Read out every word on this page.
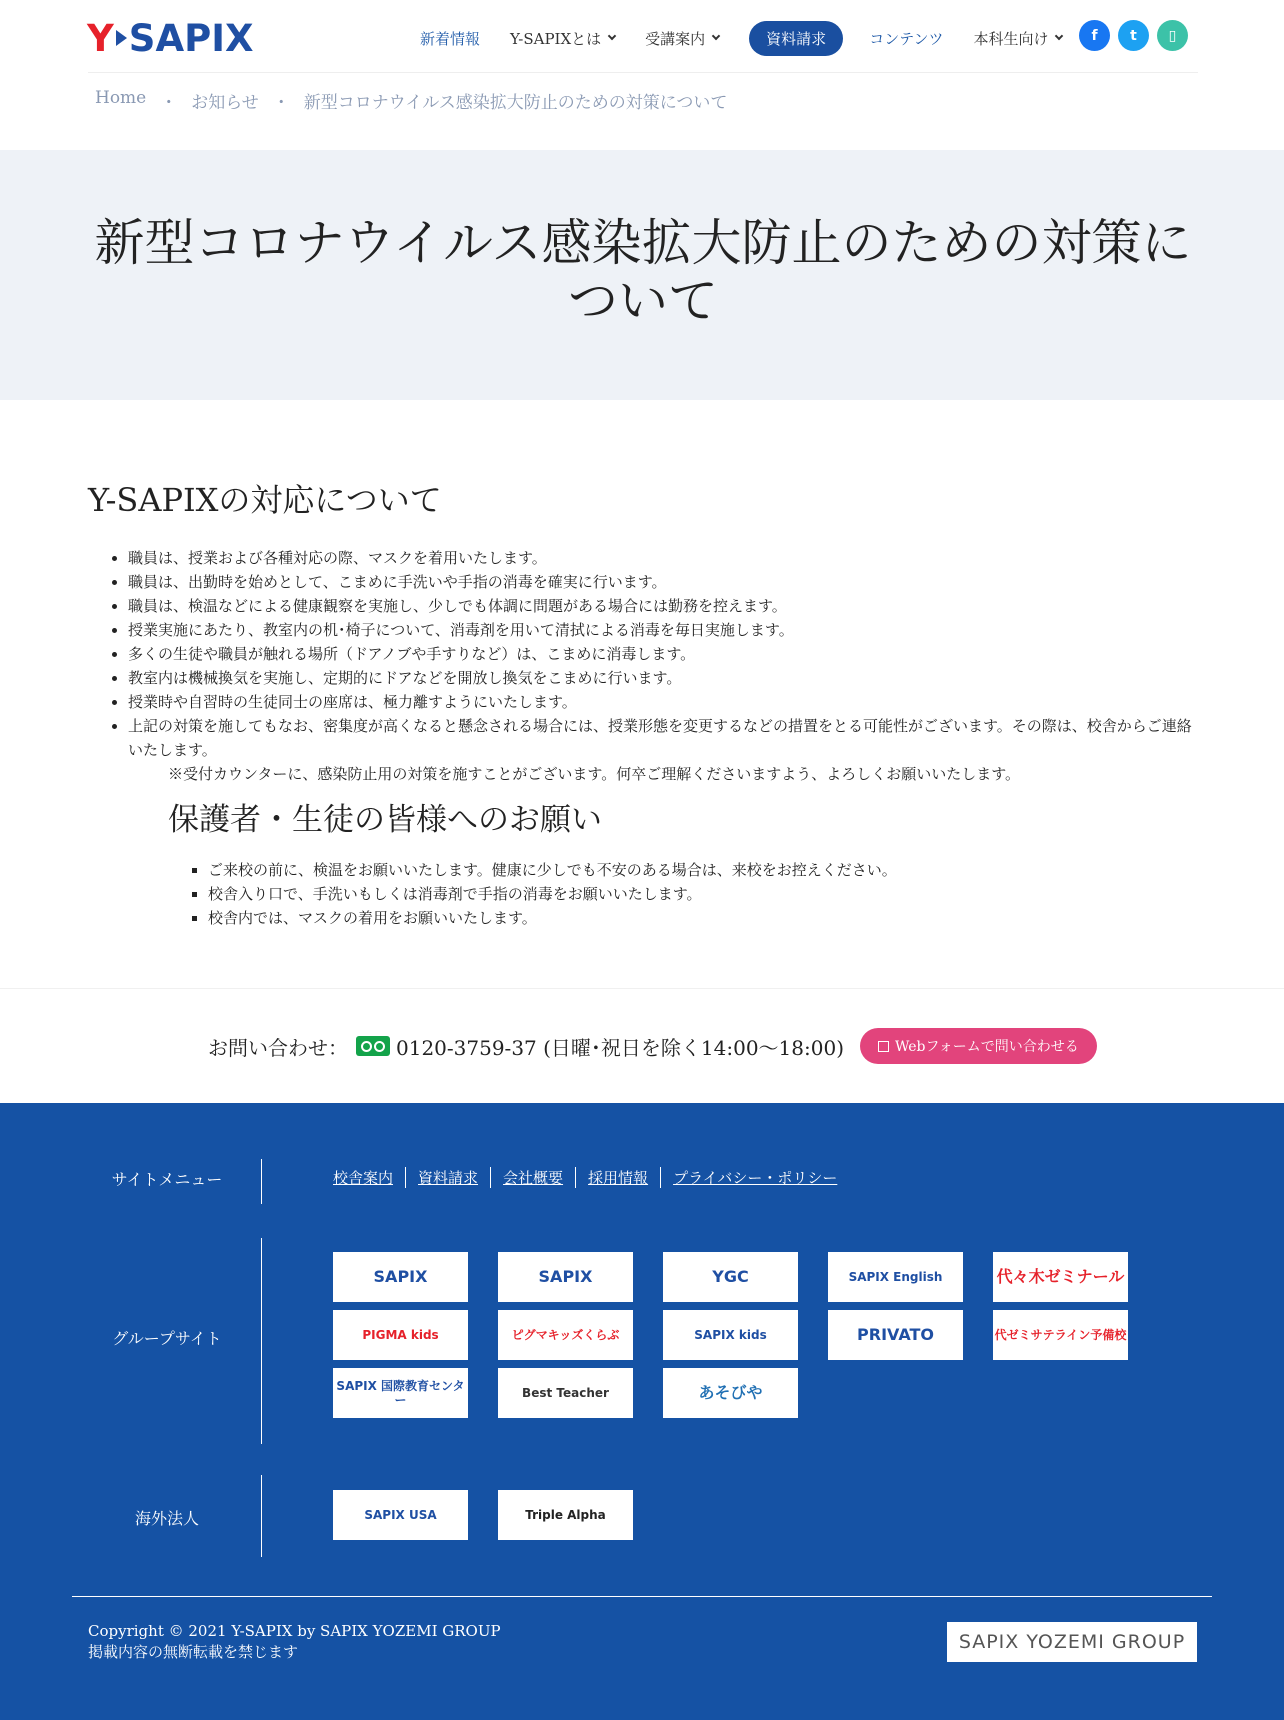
Y SAPIX	新着情報 Y-SAPIXとは	受講案内	資料請求	コンテンツ 本科生向け	f	t	▯
Home ・ お知らせ ・ 新型コロナウイルス感染拡大防止のための対策について
新型コロナウイルス感染拡大防止のための対策について
Y-SAPIXの対応について
• 職員は、授業および各種対応の際、マスクを着用いたします。
• 職員は、出勤時を始めとして、こまめに手洗いや手指の消毒を確実に行います。
• 職員は、検温などによる健康観察を実施し、少しでも体調に問題がある場合には勤務を控えます。
• 授業実施にあたり、教室内の机･椅子について、消毒剤を用いて清拭による消毒を毎日実施します。
• 多くの生徒や職員が触れる場所（ドアノブや手すりなど）は、こまめに消毒します。
• 教室内は機械換気を実施し、定期的にドアなどを開放し換気をこまめに行います。
• 授業時や自習時の生徒同士の座席は、極力離すようにいたします。
• 上記の対策を施してもなお、密集度が高くなると懸念される場合には、授業形態を変更するなどの措置をとる可能性がございます。その際は、校舎からご連絡いたします。

※受付カウンターに、感染防止用の対策を施すことがございます。何卒ご理解くださいますよう、よろしくお願いいたします。

保護者・生徒の皆様へのお願い
▪ ご来校の前に、検温をお願いいたします。健康に少しでも不安のある場合は、来校をお控えください。
▪ 校舎入り口で、手洗いもしくは消毒剤で手指の消毒をお願いいたします。
▪ 校舎内では、マスクの着用をお願いいたします。
お問い合わせ： 0120-3759-37 (日曜･祝日を除く14:00〜18:00)	Webフォームで問い合わせる
サイトメニュー	校舎案内	資料請求	会社概要	採用情報	プライバシー・ポリシー
グループサイト
SAPIX	SAPIX	YGC	SAPIX English	代々木ゼミナール
PIGMA kids	ピグマキッズくらぶ	SAPIX kids	PRIVATO	代ゼミサテライン予備校
SAPIX 国際教育センター	Best Teacher	あそびや
海外法人	SAPIX USA	Triple Alpha
Copyright © 2021 Y-SAPIX by SAPIX YOZEMI GROUP
掲載内容の無断転載を禁じます	SAPIX YOZEMI GROUP
